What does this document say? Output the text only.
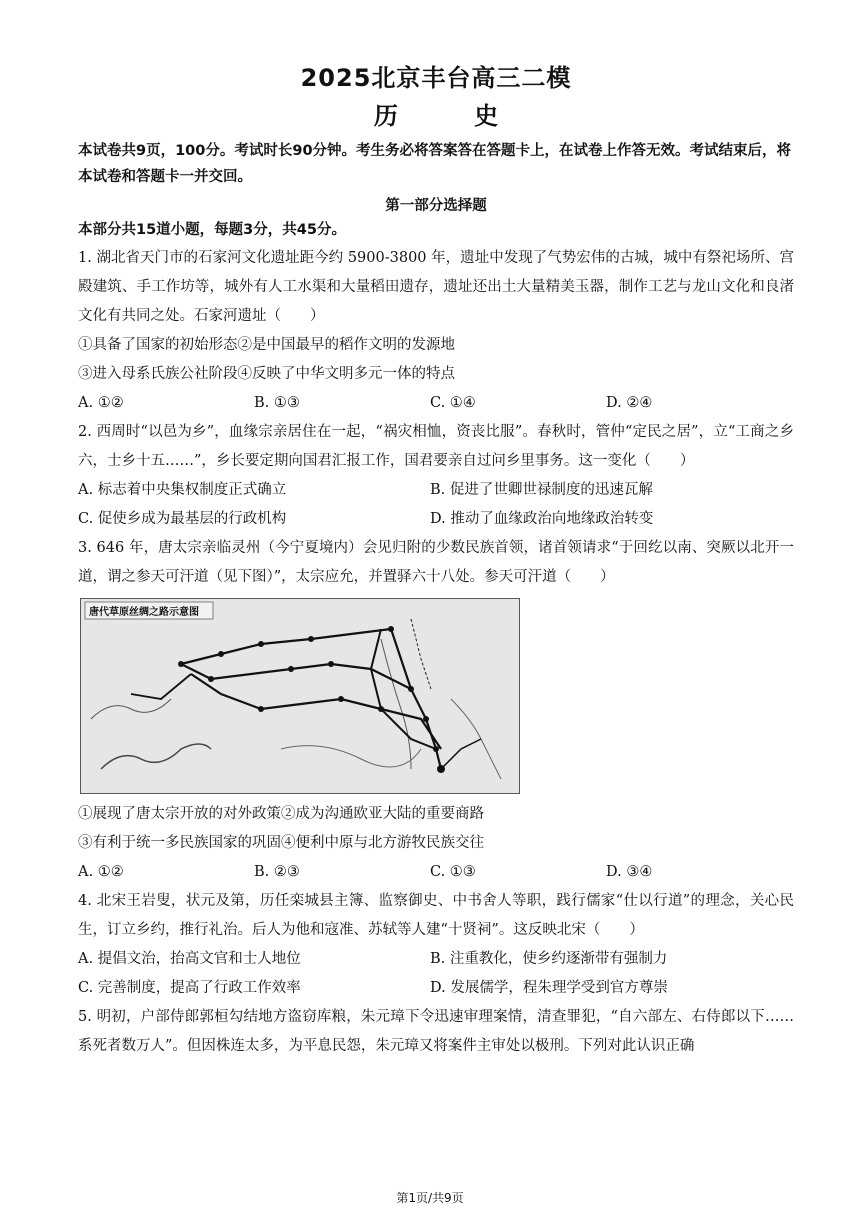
2025北京丰台高三二模
历 史

本试卷共9页，100分。考试时长90分钟。考生务必将答案答在答题卡上，在试卷上作答无效。考试结束后，将本试卷和答题卡一并交回。

第一部分选择题

本部分共15道小题，每题3分，共45分。

1. 湖北省天门市的石家河文化遗址距今约 5900-3800 年，遗址中发现了气势宏伟的古城，城中有祭祀场所、宫殿建筑、手工作坊等，城外有人工水渠和大量稻田遗存，遗址还出土大量精美玉器，制作工艺与龙山文化和良渚文化有共同之处。石家河遗址（　　）

①具备了国家的初始形态②是中国最早的稻作文明的发源地

③进入母系氏族公社阶段④反映了中华文明多元一体的特点

A. ①②	B. ①③	C. ①④	D. ②④

2. 西周时“以邑为乡”，血缘宗亲居住在一起，“祸灾相恤，资丧比服”。春秋时，管仲“定民之居”，立“工商之乡六，士乡十五……”，乡长要定期向国君汇报工作，国君要亲自过问乡里事务。这一变化（　　）

A. 标志着中央集权制度正式确立	B. 促进了世卿世禄制度的迅速瓦解
C. 促使乡成为最基层的行政机构	D. 推动了血缘政治向地缘政治转变

3. 646 年，唐太宗亲临灵州（今宁夏境内）会见归附的少数民族首领，诸首领请求“于回纥以南、突厥以北开一道，谓之参天可汗道（见下图）”，太宗应允，并置驿六十八处。参天可汗道（　　）

唐代草原丝绸之路示意图

①展现了唐太宗开放的对外政策②成为沟通欧亚大陆的重要商路

③有利于统一多民族国家的巩固④便利中原与北方游牧民族交往

A. ①②	B. ②③	C. ①③	D. ③④

4. 北宋王岩叟，状元及第，历任栾城县主簿、监察御史、中书舍人等职，践行儒家“仕以行道”的理念，关心民生，订立乡约，推行礼治。后人为他和寇准、苏轼等人建“十贤祠”。这反映北宋（　　）

A. 提倡文治，抬高文官和士人地位	B. 注重教化，使乡约逐渐带有强制力
C. 完善制度，提高了行政工作效率	D. 发展儒学，程朱理学受到官方尊崇

5. 明初，户部侍郎郭桓勾结地方盗窃库粮，朱元璋下令迅速审理案情，清查罪犯，“自六部左、右侍郎以下……系死者数万人”。但因株连太多，为平息民怨，朱元璋又将案件主审处以极刑。下列对此认识正确

第1页/共9页
